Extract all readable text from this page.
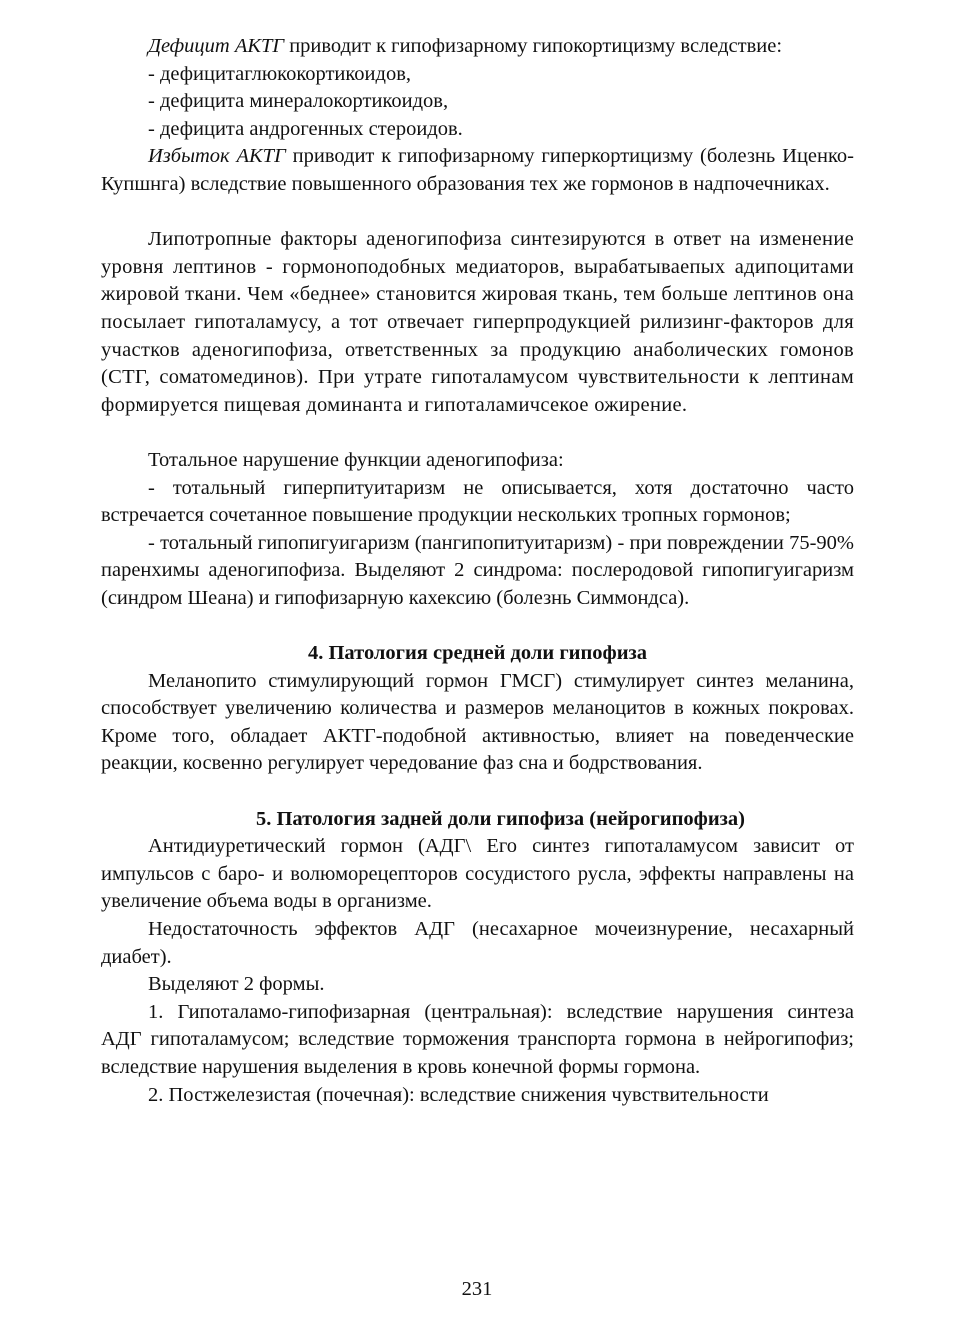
Дефицит АКТГ приводит к гипофизарному гипокортицизму вследствие:

- дефицитаглюкокортикоидов,

- дефицита минералокортикоидов,

- дефицита андрогенных стероидов.

Избыток АКТГ приводит к гипофизарному гиперкортицизму (болезнь Иценко-Купшнга) вследствие повышенного образования тех же гормонов в надпочечниках.

Липотропные факторы аденогипофиза синтезируются в ответ на изменение уровня лептинов - гормоноподобных медиаторов, вырабатываепых адипоцитами жировой ткани. Чем «беднее» становится жировая ткань, тем больше лептинов она посылает гипоталамусу, а тот отвечает гиперпродукцией рилизинг-факторов для участков аденогипофиза, ответственных за продукцию анаболических гомонов (СТГ, соматомединов). При утрате гипоталамусом чувствительности к лептинам формируется пищевая доминанта и гипоталамичсекое ожирение.

Тотальное нарушение функции аденогипофиза:

- тотальный гиперпитуитаризм не описывается, хотя достаточно часто встречается сочетанное повышение продукции нескольких тропных гормонов;

- тотальный гипопигуигаризм (пангипопитуитаризм) - при повреждении 75-90% паренхимы аденогипофиза. Выделяют 2 синдрома: послеродовой гипопигуигаризм (синдром Шеана) и гипофизарную кахексию (болезнь Симмондса).

4. Патология средней доли гипофиза

Меланопито стимулирующий гормон ГМСГ) стимулирует синтез меланина, способствует увеличению количества и размеров меланоцитов в кожных покровах. Кроме того, обладает АКТГ-подобной активностью, влияет на поведенческие реакции, косвенно регулирует чередование фаз сна и бодрствования.

5. Патология задней доли гипофиза (нейрогипофиза)

Антидиуретический гормон (АДГ\ Его синтез гипоталамусом зависит от импульсов с баро- и волюморецепторов сосудистого русла, эффекты направлены на увеличение объема воды в организме.

Недостаточность эффектов АДГ (несахарное мочеизнурение, несахарный диабет).

Выделяют 2 формы.

1. Гипоталамо-гипофизарная (центральная): вследствие нарушения синтеза АДГ гипоталамусом; вследствие торможения транспорта гормона в нейрогипофиз; вследствие нарушения выделения в кровь конечной формы гормона.

2. Постжелезистая (почечная): вследствие снижения чувствительности

231
